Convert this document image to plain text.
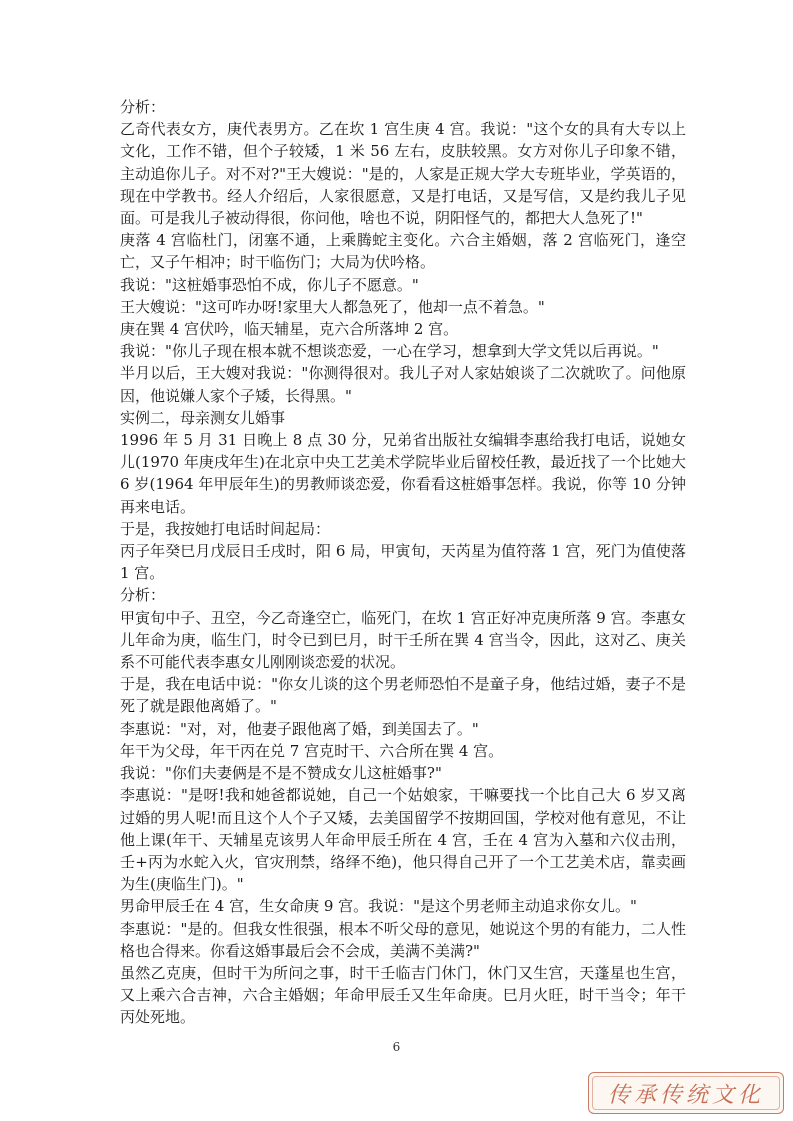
分析：

乙奇代表女方，庚代表男方。乙在坎 1 宫生庚 4 宫。我说："这个女的具有大专以上文化，工作不错，但个子较矮，1 米 56 左右，皮肤较黑。女方对你儿子印象不错，主动追你儿子。对不对?"王大嫂说："是的，人家是正规大学大专班毕业，学英语的，现在中学教书。经人介绍后，人家很愿意，又是打电话，又是写信，又是约我儿子见面。可是我儿子被动得很，你问他，啥也不说，阴阳怪气的，都把大人急死了!"

庚落 4 宫临杜门，闭塞不通，上乘腾蛇主变化。六合主婚姻，落 2 宫临死门，逢空亡，又子午相冲；时干临伤门；大局为伏吟格。

我说："这桩婚事恐怕不成，你儿子不愿意。"

王大嫂说："这可咋办呀!家里大人都急死了，他却一点不着急。"

庚在巽 4 宫伏吟，临天辅星，克六合所落坤 2 宫。

我说："你儿子现在根本就不想谈恋爱，一心在学习，想拿到大学文凭以后再说。"

半月以后，王大嫂对我说："你测得很对。我儿子对人家姑娘谈了二次就吹了。问他原因，他说嫌人家个子矮，长得黑。"

实例二，母亲测女儿婚事

1996 年 5 月 31 日晚上 8 点 30 分，兄弟省出版社女编辑李惠给我打电话，说她女儿(1970 年庚戌年生)在北京中央工艺美术学院毕业后留校任教，最近找了一个比她大 6 岁(1964 年甲辰年生)的男教师谈恋爱，你看看这桩婚事怎样。我说，你等 10 分钟再来电话。

于是，我按她打电话时间起局：

丙子年癸巳月戊辰日壬戌时，阳 6 局，甲寅旬，天芮星为值符落 1 宫，死门为值使落 1 宫。

分析：

甲寅旬中子、丑空，今乙奇逢空亡，临死门，在坎 1 宫正好冲克庚所落 9 宫。李惠女儿年命为庚，临生门，时令已到巳月，时干壬所在巽 4 宫当令，因此，这对乙、庚关系不可能代表李惠女儿刚刚谈恋爱的状况。

于是，我在电话中说："你女儿谈的这个男老师恐怕不是童子身，他结过婚，妻子不是死了就是跟他离婚了。"

李惠说："对，对，他妻子跟他离了婚，到美国去了。"

年干为父母，年干丙在兑 7 宫克时干、六合所在巽 4 宫。

我说："你们夫妻俩是不是不赞成女儿这桩婚事?"

李惠说："是呀!我和她爸都说她，自己一个姑娘家，干嘛要找一个比自己大 6 岁又离过婚的男人呢!而且这个人个子又矮，去美国留学不按期回国，学校对他有意见，不让他上课(年干、天辅星克该男人年命甲辰壬所在 4 宫，壬在 4 宫为入墓和六仪击刑，壬+丙为水蛇入火，官灾刑禁，络绎不绝)，他只得自己开了一个工艺美术店，靠卖画为生(庚临生门)。"

男命甲辰壬在 4 宫，生女命庚 9 宫。我说："是这个男老师主动追求你女儿。"

李惠说："是的。但我女性很强，根本不听父母的意见，她说这个男的有能力，二人性格也合得来。你看这婚事最后会不会成，美满不美满?"

虽然乙克庚，但时干为所问之事，时干壬临吉门休门，休门又生宫，天蓬星也生宫，又上乘六合吉神，六合主婚姻；年命甲辰壬又生年命庚。巳月火旺，时干当令；年干丙处死地。

6
传承传统文化
